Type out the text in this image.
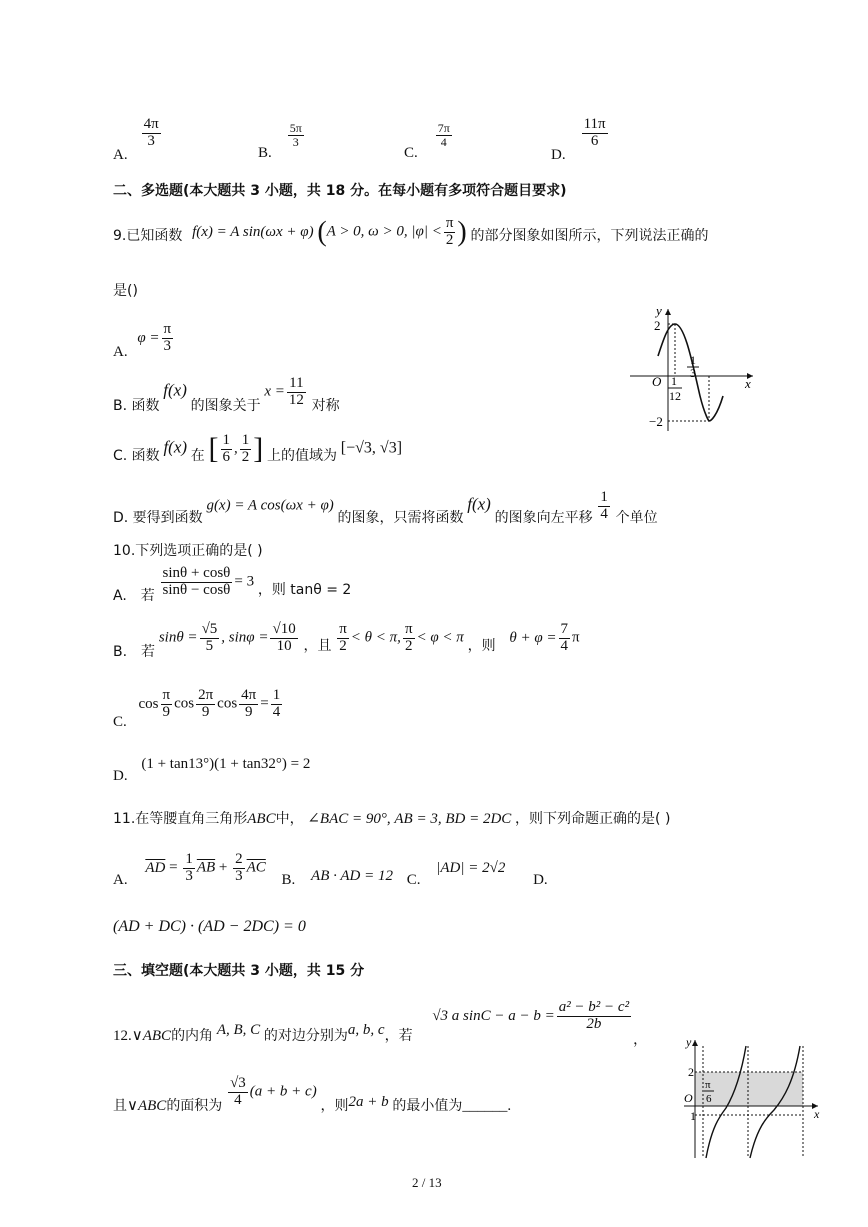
A.
$\frac{4\pi}{3}$
B.
$\frac{5\pi}{3}$
C.
$\frac{7\pi}{4}$
D.
$\frac{11\pi}{6}$
二、多选题(本大题共 3 小题，共 18 分。在每小题有多项符合题目要求)
9.已知函数 f(x) = A sin(ωx + φ) (A > 0, ω > 0, $|\varphi| < \frac{\pi}{2}$ ) 的部分图象如图所示，下列说法正确的
是()
A. $\varphi = \frac{\pi}{3}$
B. 函数 f(x) 的图象关于 $x = \frac{11}{12}$ 对称
C. 函数 f(x) 在 [ $\frac{1}{6}$ , $\frac{1}{2}$ ] 上的值域为 [−√3, √3]
D. 要得到函数 g(x) = A cos(ωx + φ) 的图象，只需将函数 f(x) 的图象向左平移 $\frac{1}{4}$ 个单位
y
x
O
2
−2
1
3
1
12
10.下列选项正确的是( )
A.　若 $\frac{\sin\theta + \cos\theta}{\sin\theta - \cos\theta} = 3$ ，则 tanθ = 2
B.　若 $\sin\theta = \frac{√5}{5}$ , $\sin\varphi = \frac{√10}{10}$ ，且 $\frac{\pi}{2} < \theta < \pi$, $\frac{\pi}{2} < \varphi < \pi$ ，则 $\theta + \varphi = \frac{7}{4}$ π
C. $\cos \frac{\pi}{9}$ $\cos \frac{2\pi}{9}$ $\cos \frac{4\pi}{9} = \frac{1}{4}$
D. (1 + tan13°)(1 + tan32°) = 2
11.在等腰直角三角形ABC中， ∠BAC = 90°, AB = 3, BD = 2DC ，则下列命题正确的是( )
A. $\overline{AD} = \frac{1}{3} \overline{AB} + \frac{2}{3} \overline{AC}$ B. AB · AD = 12 C. |AD| = 2√2 D.
(AD + DC) · (AD − 2DC) = 0
三、填空题(本大题共 3 小题，共 15 分
12.∨ABC的内角 A, B, C 的对边分别为a, b, c，若 √3 a $\sin C - a - b = \frac{\text{a² − b² − c²}}{2b}$
，
且∨ABC的面积为 $\frac{√3}{4} (a + b + c)$ ，则2a + b 的最小值为______.
y
x
O
2
1
π
6
2 / 13
